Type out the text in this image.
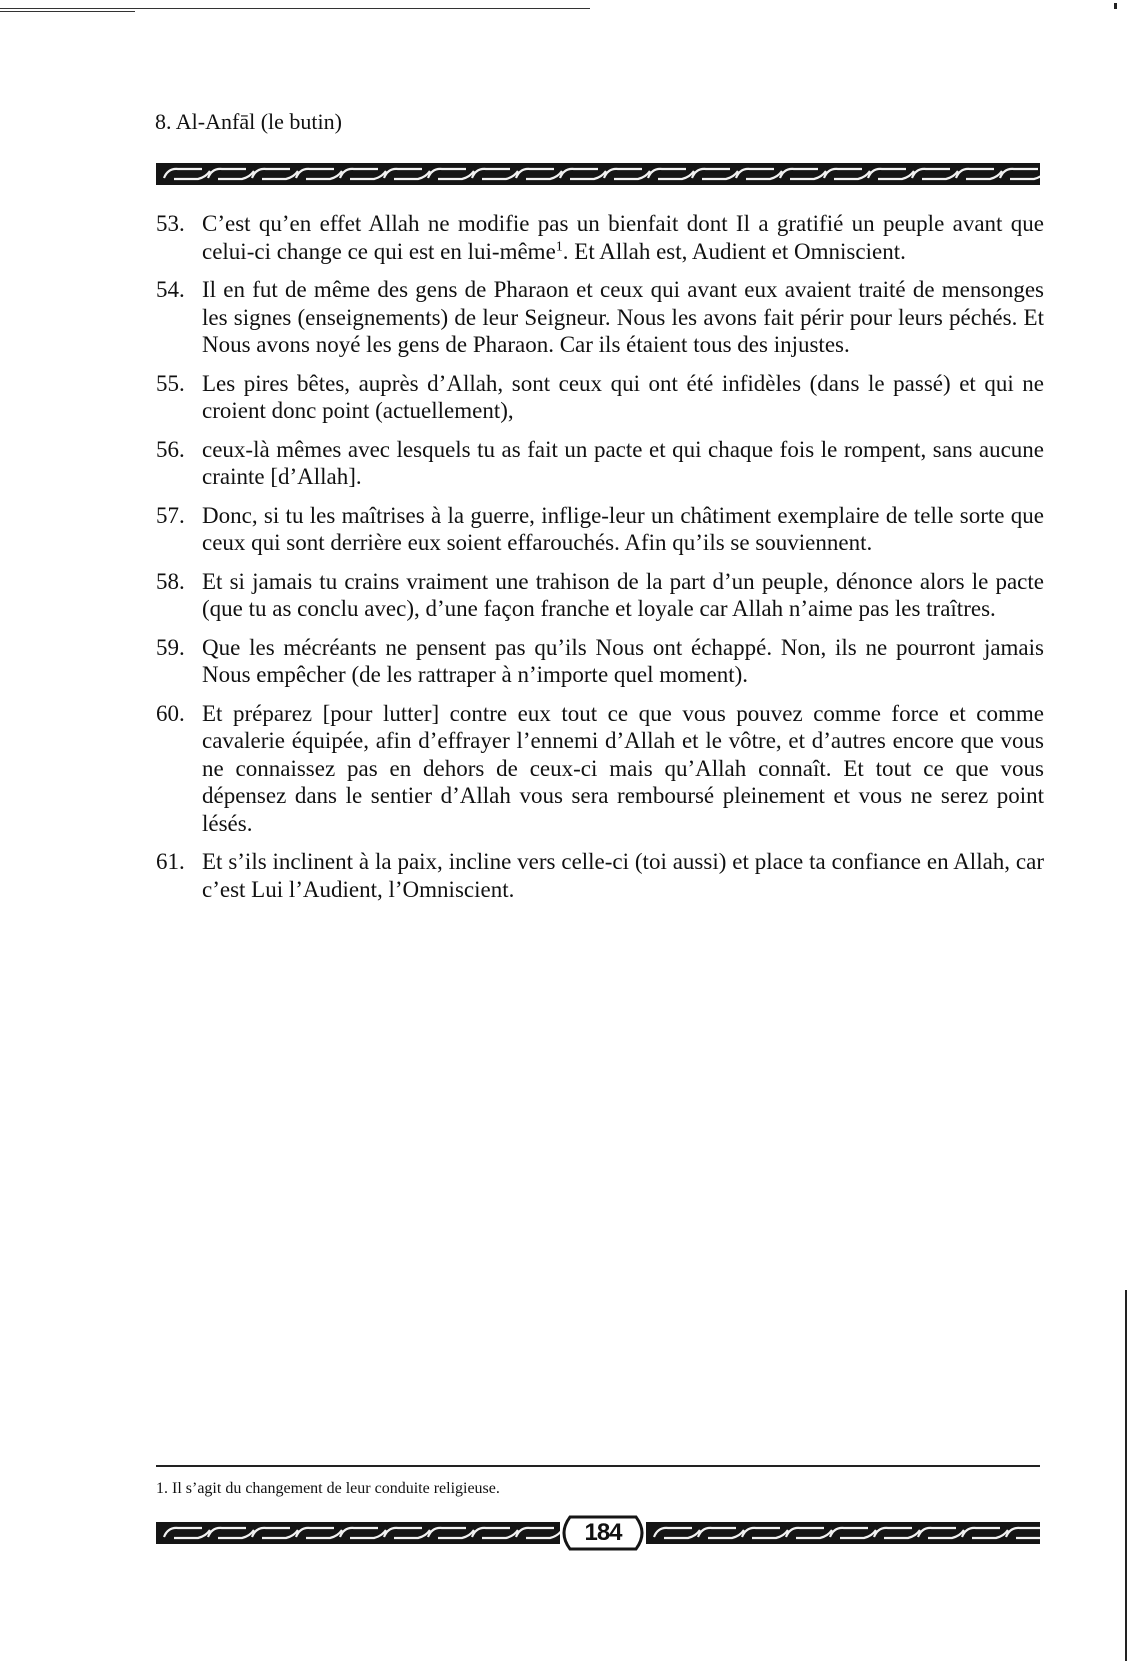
8. Al-Anfāl (le butin)
53. C’est qu’en effet Allah ne modifie pas un bienfait dont Il a gratifié un peuple avant que celui-ci change ce qui est en lui-même$^1$. Et Allah est, Audient et Omniscient.
54. Il en fut de même des gens de Pharaon et ceux qui avant eux avaient traité de mensonges les signes (enseignements) de leur Seigneur. Nous les avons fait périr pour leurs péchés. Et Nous avons noyé les gens de Pharaon. Car ils étaient tous des injustes.
55. Les pires bêtes, auprès d’Allah, sont ceux qui ont été infidèles (dans le passé) et qui ne croient donc point (actuellement),
56. ceux-là mêmes avec lesquels tu as fait un pacte et qui chaque fois le rompent, sans aucune crainte [d’Allah].
57. Donc, si tu les maîtrises à la guerre, inflige-leur un châtiment exemplaire de telle sorte que ceux qui sont derrière eux soient effarouchés. Afin qu’ils se souviennent.
58. Et si jamais tu crains vraiment une trahison de la part d’un peuple, dénonce alors le pacte (que tu as conclu avec), d’une façon franche et loyale car Allah n’aime pas les traîtres.
59. Que les mécréants ne pensent pas qu’ils Nous ont échappé. Non, ils ne pourront jamais Nous empêcher (de les rattraper à n’importe quel moment).
60. Et préparez [pour lutter] contre eux tout ce que vous pouvez comme force et comme cavalerie équipée, afin d’effrayer l’ennemi d’Allah et le vôtre, et d’autres encore que vous ne connaissez pas en dehors de ceux-ci mais qu’Allah connaît. Et tout ce que vous dépensez dans le sentier d’Allah vous sera remboursé pleinement et vous ne serez point lésés.
61. Et s’ils inclinent à la paix, incline vers celle-ci (toi aussi) et place ta confiance en Allah, car c’est Lui l’Audient, l’Omniscient.
1. Il s’agit du changement de leur conduite religieuse.
184
